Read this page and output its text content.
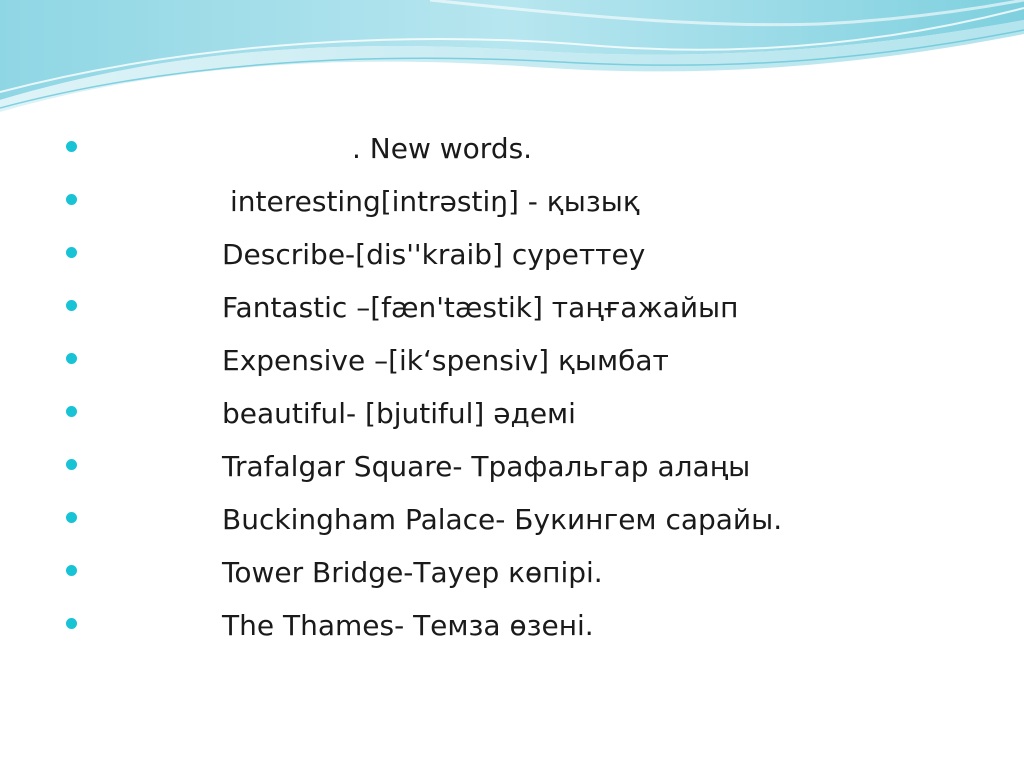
. New words.
interesting[intrəstiŋ] - қызық
Describe-[dis''kraib] суреттеу
Fantastic –[fæn'tæstik] таңғажайып
Expensive –[ik‘spensiv] қымбат
beautiful- [bjutiful] әдемі
Trafalgar Square- Трафальгар алаңы
Buckingham Palace- Букингем сарайы.
Tower Bridge-Тауер көпірі.
The Thames- Темза өзені.
